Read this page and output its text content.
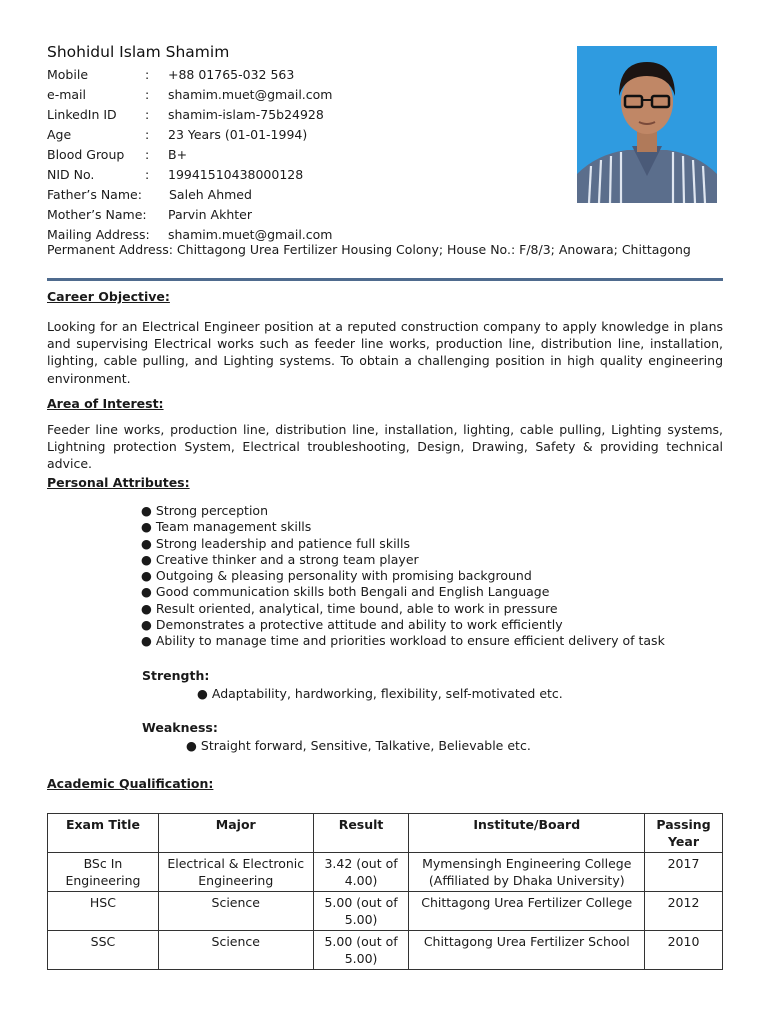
Shohidul Islam Shamim
Mobile	: +88 01765-032 563
e-mail	: shamim.muet@gmail.com
LinkedIn ID : shamim-islam-75b24928
Age	: 23 Years (01-01-1994)
Blood Group : B+
NID No.	: 19941510438000128
Father’s Name: Saleh Ahmed
Mother’s Name: Parvin Akhter
Mailing Address: shamim.muet@gmail.com
Permanent Address: Chittagong Urea Fertilizer Housing Colony; House No.: F/8/3; Anowara; Chittagong
Career Objective:

Looking for an Electrical Engineer position at a reputed construction company to apply knowledge in plans and supervising Electrical works such as feeder line works, production line, distribution line, installation, lighting, cable pulling, and Lighting systems. To obtain a challenging position in high quality engineering environment.

Area of Interest:

Feeder line works, production line, distribution line, installation, lighting, cable pulling, Lighting systems, Lightning protection System, Electrical troubleshooting, Design, Drawing, Safety & providing technical advice.

Personal Attributes:
● Strong perception
● Team management skills
● Strong leadership and patience full skills
● Creative thinker and a strong team player
● Outgoing & pleasing personality with promising background
● Good communication skills both Bengali and English Language
● Result oriented, analytical, time bound, able to work in pressure
● Demonstrates a protective attitude and ability to work efficiently
● Ability to manage time and priorities workload to ensure efficient delivery of task
Strength:
● Adaptability, hardworking, flexibility, self-motivated etc.
Weakness:
● Straight forward, Sensitive, Talkative, Believable etc.
Academic Qualification:
Exam Title	Major	Result	Institute/Board	Passing Year
BSc In Engineering	Electrical & Electronic Engineering	3.42 (out of 4.00)	Mymensingh Engineering College (Affiliated by Dhaka University)	2017
HSC	Science	5.00 (out of 5.00)	Chittagong Urea Fertilizer College	2012
SSC	Science	5.00 (out of 5.00)	Chittagong Urea Fertilizer School	2010
